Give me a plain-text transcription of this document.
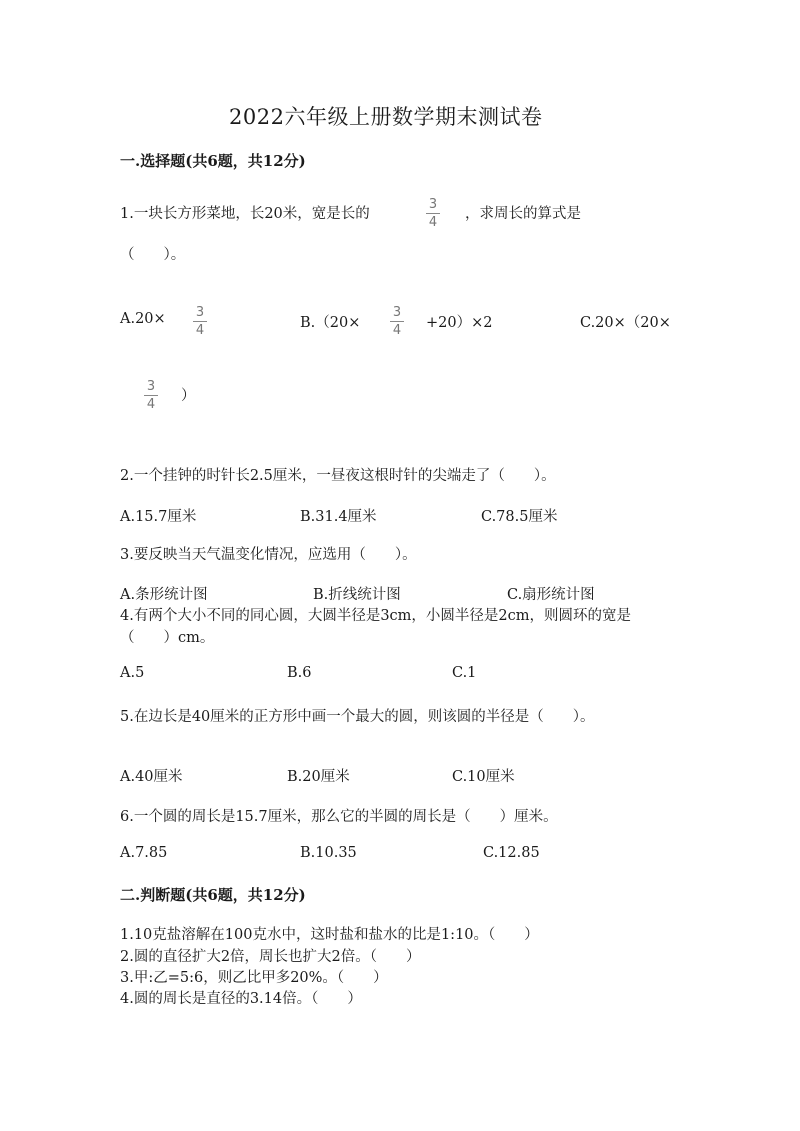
2022六年级上册数学期末测试卷
一.选择题(共6题，共12分)
1.一块长方形菜地，长20米，宽是长的
3
4
，求周长的算式是
（　　）。
A.20× 3
4	B.（20×
3
4 +20）×2	C.20×（20×
3
4
）
2.一个挂钟的时针长2.5厘米，一昼夜这根时针的尖端走了（　　）。
A.15.7厘米	B.31.4厘米	C.78.5厘米
3.要反映当天气温变化情况，应选用（　　）。
A.条形统计图	B.折线统计图	C.扇形统计图
4.有两个大小不同的同心圆，大圆半径是3cm，小圆半径是2cm，则圆环的宽是
（　　）cm。
A.5	B.6	C.1
5.在边长是40厘米的正方形中画一个最大的圆，则该圆的半径是（　　）。
A.40厘米	B.20厘米	C.10厘米
6.一个圆的周长是15.7厘米，那么它的半圆的周长是（　　）厘米。
A.7.85	B.10.35	C.12.85
二.判断题(共6题，共12分)
1.10克盐溶解在100克水中，这时盐和盐水的比是1:10。（　　）
2.圆的直径扩大2倍，周长也扩大2倍。（　　）
3.甲:乙=5:6，则乙比甲多20%。（　　）
4.圆的周长是直径的3.14倍。（　　）
